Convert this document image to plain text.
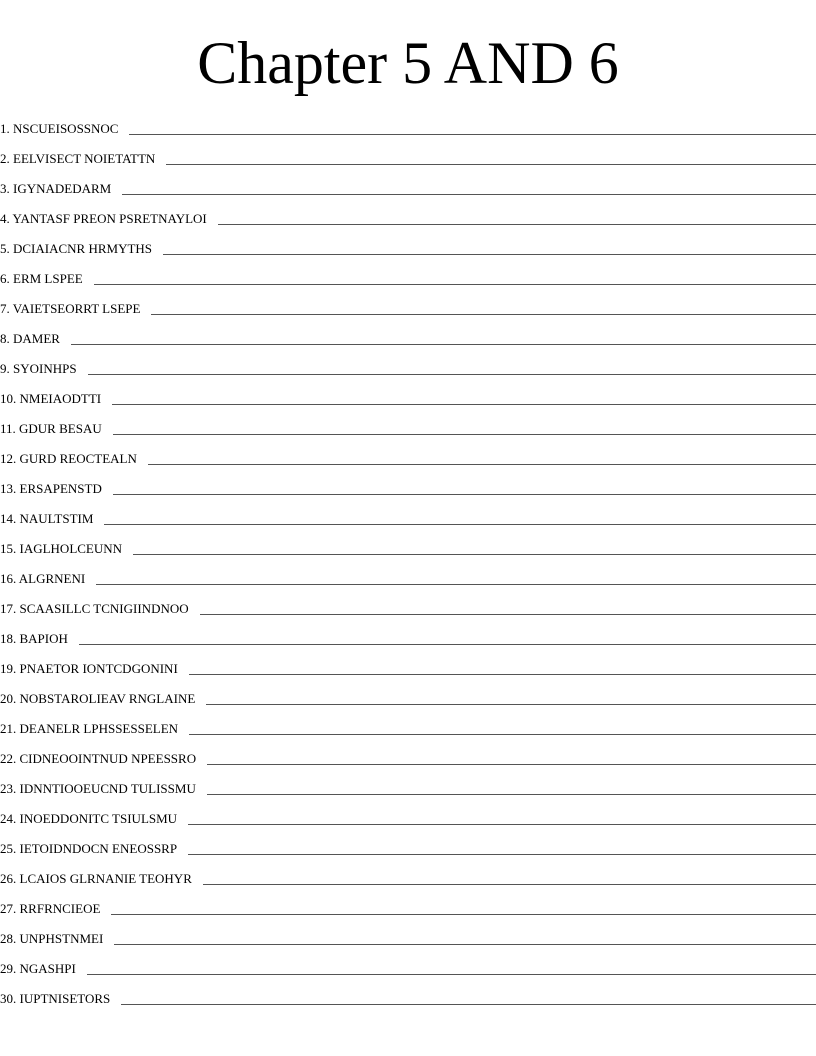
Chapter 5 AND 6
1. NSCUEISOSSNOC
2. EELVISECT NOIETATTN
3. IGYNADEDARM
4. YANTASF PREON PSRETNAYLOI
5. DCIAIACNR HRMYTHS
6. ERM LSPEE
7. VAIETSEORRT LSEPE
8. DAMER
9. SYOINHPS
10. NMEIAODTTI
11. GDUR BESAU
12. GURD REOCTEALN
13. ERSAPENSTD
14. NAULTSTIM
15. IAGLHOLCEUNN
16. ALGRNENI
17. SCAASILLC TCNIGIINDNOO
18. BAPIOH
19. PNAETOR IONTCDGONINI
20. NOBSTAROLIEAV RNGLAINE
21. DEANELR LPHSSESSELEN
22. CIDNEOOINTNUD NPEESSRO
23. IDNNTIOOEUCND TULISSMU
24. INOEDDONITC TSIULSMU
25. IETOIDNDOCN ENEOSSRP
26. LCAIOS GLRNANIE TEOHYR
27. RRFRNCIEOE
28. UNPHSTNMEI
29. NGASHPI
30. IUPTNISETORS
